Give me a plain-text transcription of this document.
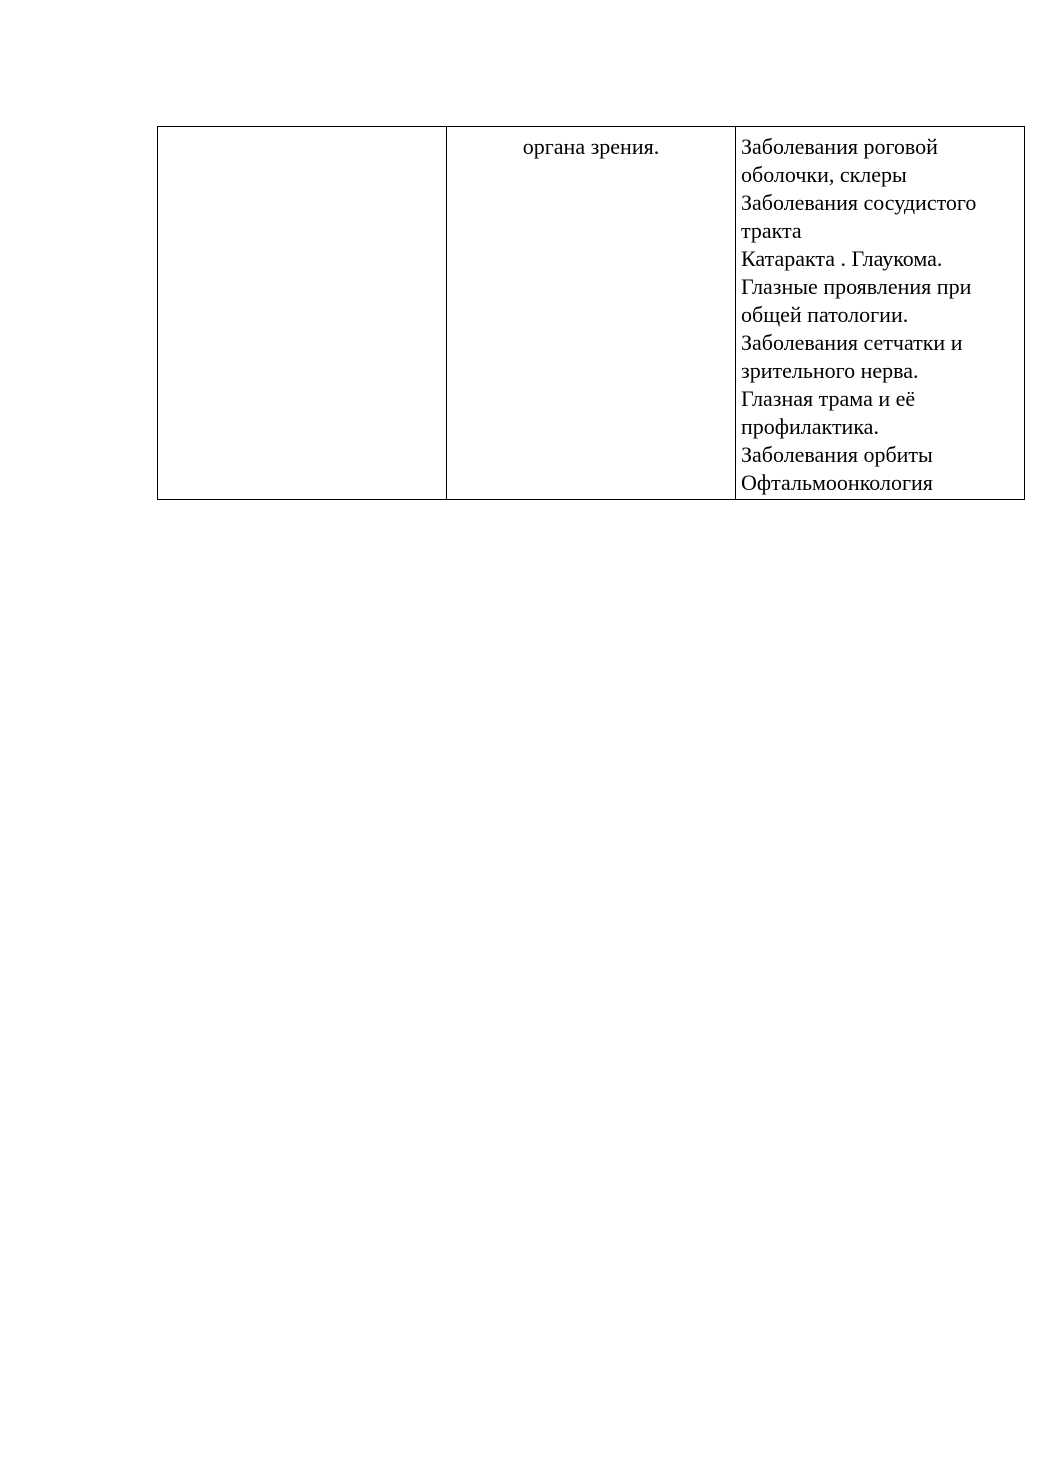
	органа зрения.	Заболевания роговой оболочки, склеры
Заболевания сосудистого тракта
Катаракта . Глаукома.
Глазные проявления при общей патологии.
Заболевания сетчатки и зрительного нерва.
Глазная трама и её профилактика.
Заболевания орбиты
Офтальмоонкология
